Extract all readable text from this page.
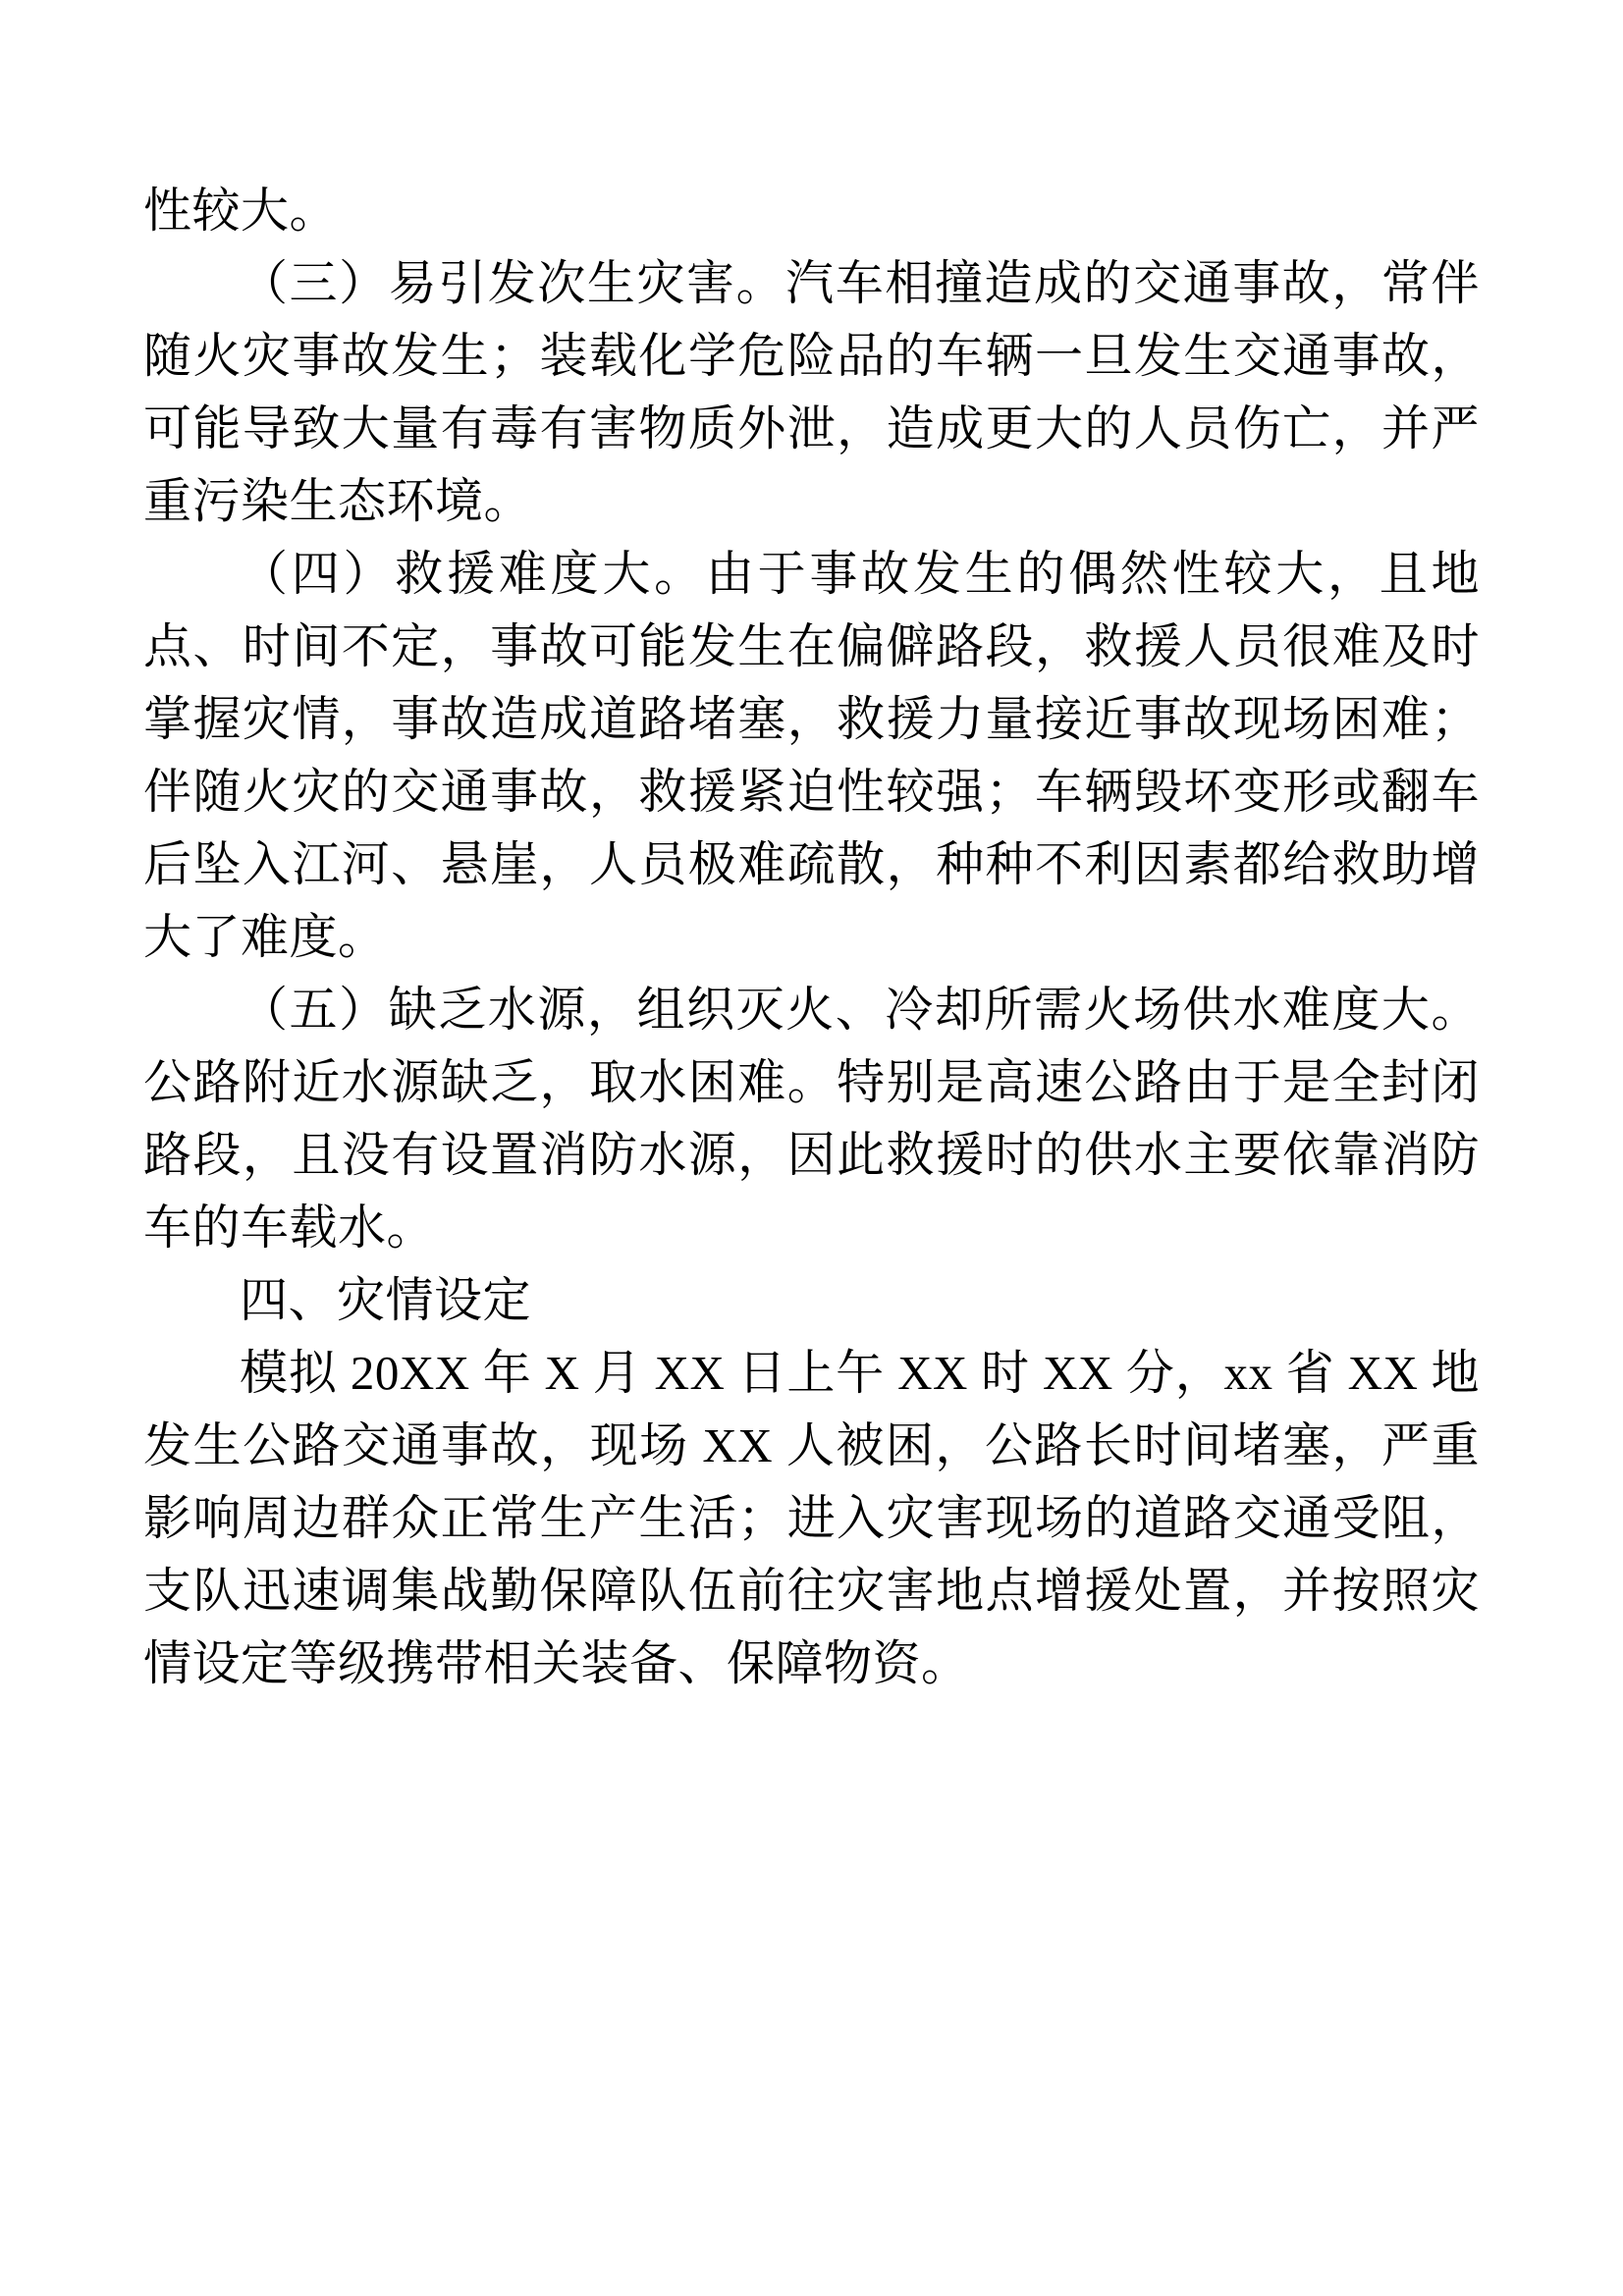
性较大。

（三）易引发次生灾害。汽车相撞造成的交通事故，常伴随火灾事故发生；装载化学危险品的车辆一旦发生交通事故，可能导致大量有毒有害物质外泄，造成更大的人员伤亡，并严重污染生态环境。

（四）救援难度大。由于事故发生的偶然性较大，且地点、时间不定，事故可能发生在偏僻路段，救援人员很难及时掌握灾情，事故造成道路堵塞，救援力量接近事故现场困难；伴随火灾的交通事故，救援紧迫性较强；车辆毁坏变形或翻车后坠入江河、悬崖，人员极难疏散，种种不利因素都给救助增大了难度。

（五）缺乏水源，组织灭火、冷却所需火场供水难度大。公路附近水源缺乏，取水困难。特别是高速公路由于是全封闭路段，且没有设置消防水源，因此救援时的供水主要依靠消防车的车载水。

四、灾情设定

模拟 20XX 年 X 月 XX 日上午 XX 时 XX 分，xx 省 XX 地发生公路交通事故，现场 XX 人被困，公路长时间堵塞，严重影响周边群众正常生产生活；进入灾害现场的道路交通受阻，支队迅速调集战勤保障队伍前往灾害地点增援处置，并按照灾情设定等级携带相关装备、保障物资。
